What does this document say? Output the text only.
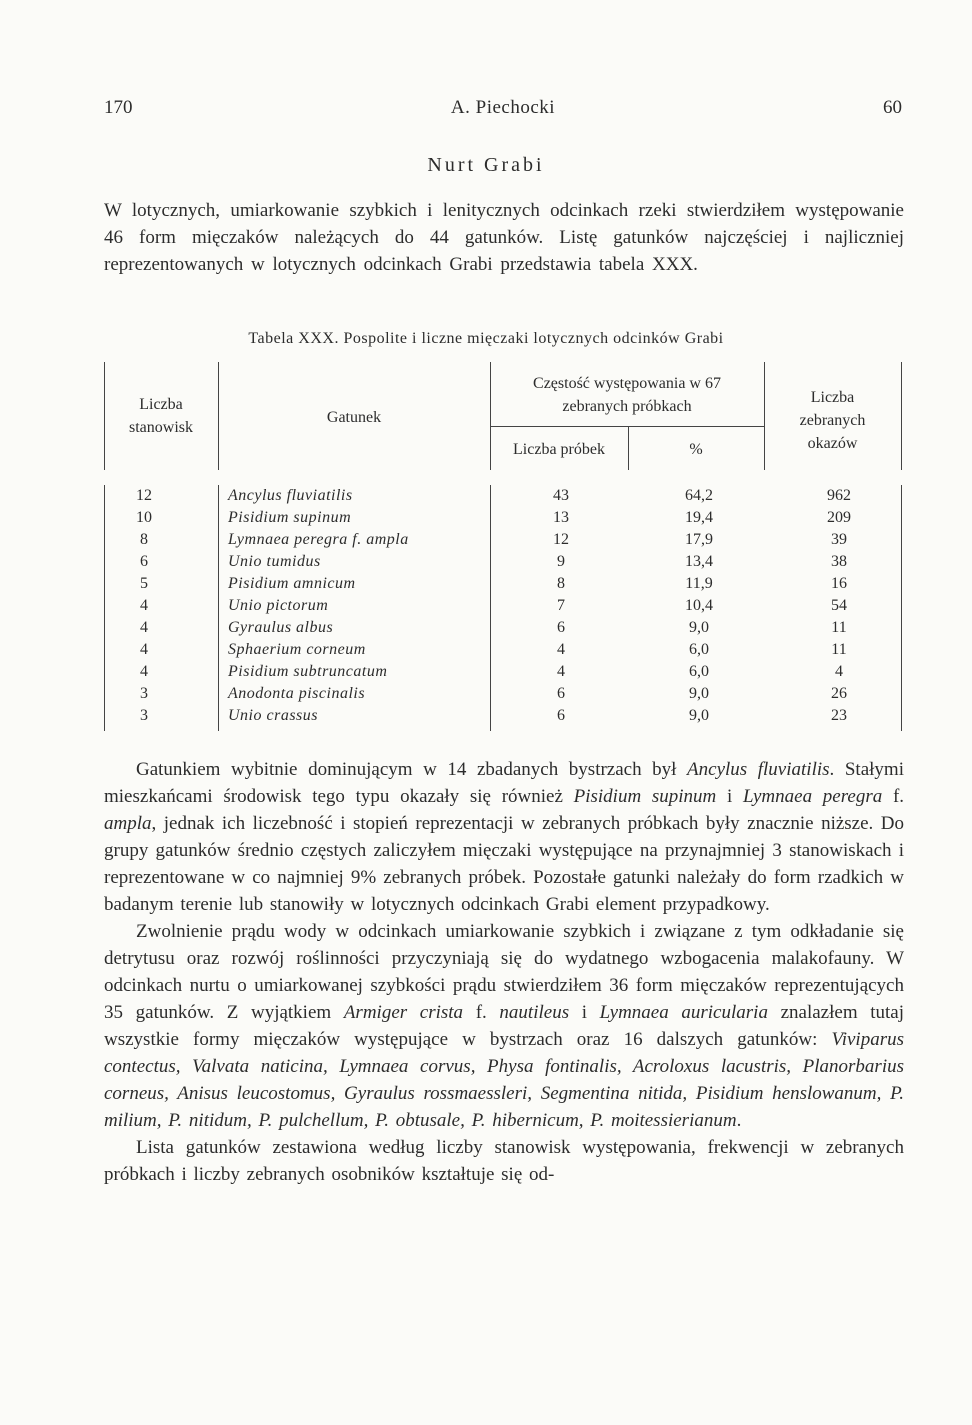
170	A. Piechocki	60
Nurt Grabi
W lotycznych, umiarkowanie szybkich i lenitycznych odcinkach rzeki stwierdziłem występowanie 46 form mięczaków należących do 44 gatunków. Listę gatunków najczęściej i najliczniej reprezentowanych w lotycznych odcinkach Grabi przedstawia tabela XXX.
Tabela XXX. Pospolite i liczne mięczaki lotycznych odcinków Grabi
Liczba
stanowisk
Gatunek
Częstość występowania w 67
zebranych próbkach
Liczba próbek	%
Liczba
zebranych
okazów
12	Ancylus fluviatilis	43	64,2	962
10	Pisidium supinum	13	19,4	209
8	Lymnaea peregra f. ampla	12	17,9	39
6	Unio tumidus	9	13,4	38
5	Pisidium amnicum	8	11,9	16
4	Unio pictorum	7	10,4	54
4	Gyraulus albus	6	9,0	11
4	Sphaerium corneum	4	6,0	11
4	Pisidium subtruncatum	4	6,0	4
3	Anodonta piscinalis	6	9,0	26
3	Unio crassus	6	9,0	23

Gatunkiem wybitnie dominującym w 14 zbadanych bystrzach był Ancylus fluviatilis. Stałymi mieszkańcami środowisk tego typu okazały się również Pisidium supinum i Lymnaea peregra f. ampla, jednak ich liczebność i stopień reprezentacji w zebranych próbkach były znacznie niższe. Do grupy gatunków średnio częstych zaliczyłem mięczaki występujące na przynajmniej 3 stanowiskach i reprezentowane w co najmniej 9% zebranych próbek. Pozostałe gatunki należały do form rzadkich w badanym terenie lub stanowiły w lotycznych odcinkach Grabi element przypadkowy.

Zwolnienie prądu wody w odcinkach umiarkowanie szybkich i związane z tym odkładanie się detrytusu oraz rozwój roślinności przyczyniają się do wydatnego wzbogacenia malakofauny. W odcinkach nurtu o umiarkowanej szybkości prądu stwierdziłem 36 form mięczaków reprezentujących 35 gatunków. Z wyjątkiem Armiger crista f. nautileus i Lymnaea auricularia znalazłem tutaj wszystkie formy mięczaków występujące w bystrzach oraz 16 dalszych gatunków: Viviparus contectus, Valvata naticina, Lymnaea corvus, Physa fontinalis, Acroloxus lacustris, Planorbarius corneus, Anisus leucostomus, Gyraulus rossmaessleri, Segmentina nitida, Pisidium henslowanum, P. milium, P. nitidum, P. pulchellum, P. obtusale, P. hibernicum, P. moitessierianum.

Lista gatunków zestawiona według liczby stanowisk występowania, frekwencji w zebranych próbkach i liczby zebranych osobników kształtuje się od-
